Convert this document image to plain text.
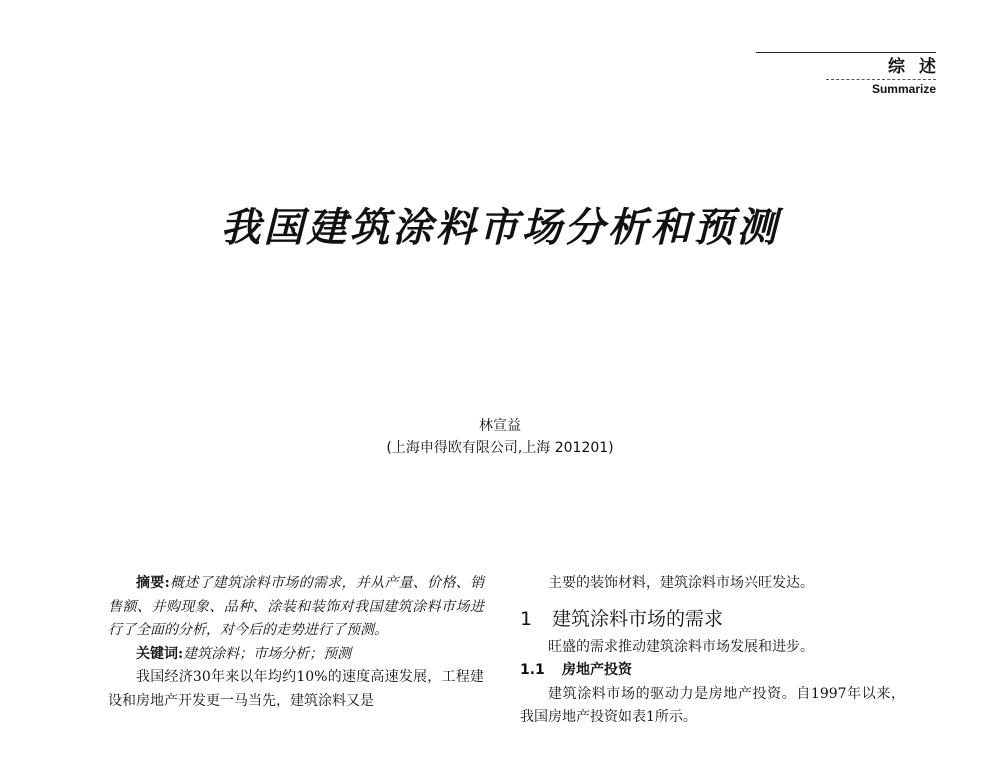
综述
Summarize
我国建筑涂料市场分析和预测
林宣益
(上海申得欧有限公司,上海 201201)

摘要:概述了建筑涂料市场的需求，并从产量、价格、销售额、并购现象、品种、涂装和装饰对我国建筑涂料市场进行了全面的分析，对今后的走势进行了预测。

关键词:建筑涂料；市场分析；预测

我国经济30年来以年均约10%的速度高速发展，工程建设和房地产开发更一马当先，建筑涂料又是

主要的装饰材料，建筑涂料市场兴旺发达。

1 建筑涂料市场的需求

旺盛的需求推动建筑涂料市场发展和进步。

1.1 房地产投资

建筑涂料市场的驱动力是房地产投资。自1997年以来，我国房地产投资如表1所示。
